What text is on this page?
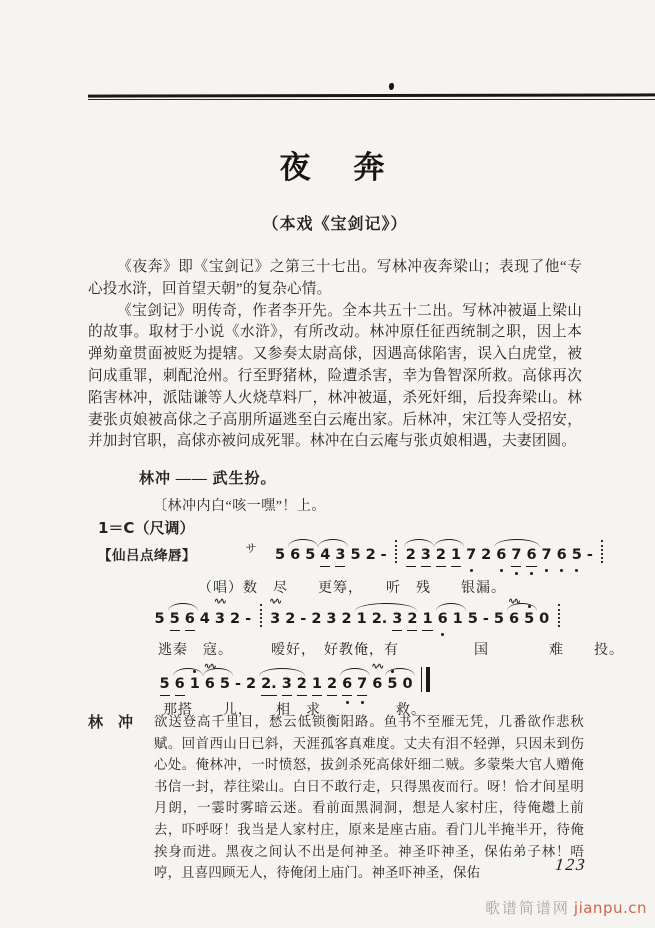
夜　奔
（本戏《宝剑记》）

《夜奔》即《宝剑记》之第三十七出。写林冲夜奔梁山；表现了他“专心投水浒，回首望天朝”的复杂心情。

《宝剑记》明传奇，作者李开先。全本共五十二出。写林冲被逼上梁山的故事。取材于小说《水浒》，有所改动。林冲原任征西统制之职，因上本弹劾童贯面被贬为提辖。又参奏太尉高俅，因遇高俅陷害，误入白虎堂，被问成重罪，刺配沧州。行至野猪林，险遭杀害，幸为鲁智深所救。高俅再次陷害林冲，派陆谦等人火烧草料厂，林冲被逼，杀死奸细，后投奔梁山。林妻张贞娘被高俅之子高朋所逼逃至白云庵出家。后林冲，宋江等人受招安，并加封官职，高俅亦被问成死罪。林冲在白云庵与张贞娘相遇，夫妻团圆。

林冲 —— 武生扮。
〔林冲内白“咳一嘿”！上。
1＝C（尺调）
【仙吕点绛唇】	サ 5 6 5 4 3 5 2 - 2 3 2 1 7 2 6 7 6 7 6 5 -
（唱）数　尽　　更筹，　　听　残　　银漏。
5 5 6 4 3
∿∿
2 - 3
∿∿
2 - 2 3 2 1 2. 3 2 1 6 1 5 - 5 6
∿∿
5 0
逃秦　寇。　　　嗳好，　好教俺，有　　　　　国　　　　难　　投。
5 6 1 6
∿∿
5 - 2 2. 3 2 1 2 6 7 6
∿∿
5 0
那搭　　儿，　　相　求　　　　　救。
林　冲	欲送登高千里目，愁云低锁衡阳路。鱼书不至雁无凭，几番欲作悲秋赋。回首西山日已斜，天涯孤客真难度。丈夫有泪不轻弹，只因未到伤心处。俺林冲，一时愤怒，拔剑杀死高俅奸细二贼。多蒙柴大官人赠俺书信一封，荐往梁山。白日不敢行走，只得黑夜而行。呀！恰才间星明月朗，一霎时雾暗云迷。看前面黑洞洞，想是人家村庄，待俺趱上前去，吓呼呀！我当是人家村庄，原来是座古庙。看门儿半掩半开，待俺挨身而进。黑夜之间认不出是何神圣。神圣吓神圣，保佑弟子林！唔哼，且喜四顾无人，待俺闭上庙门。神圣吓神圣，保佑	123
歌谱简谱网 jianpu.cn
